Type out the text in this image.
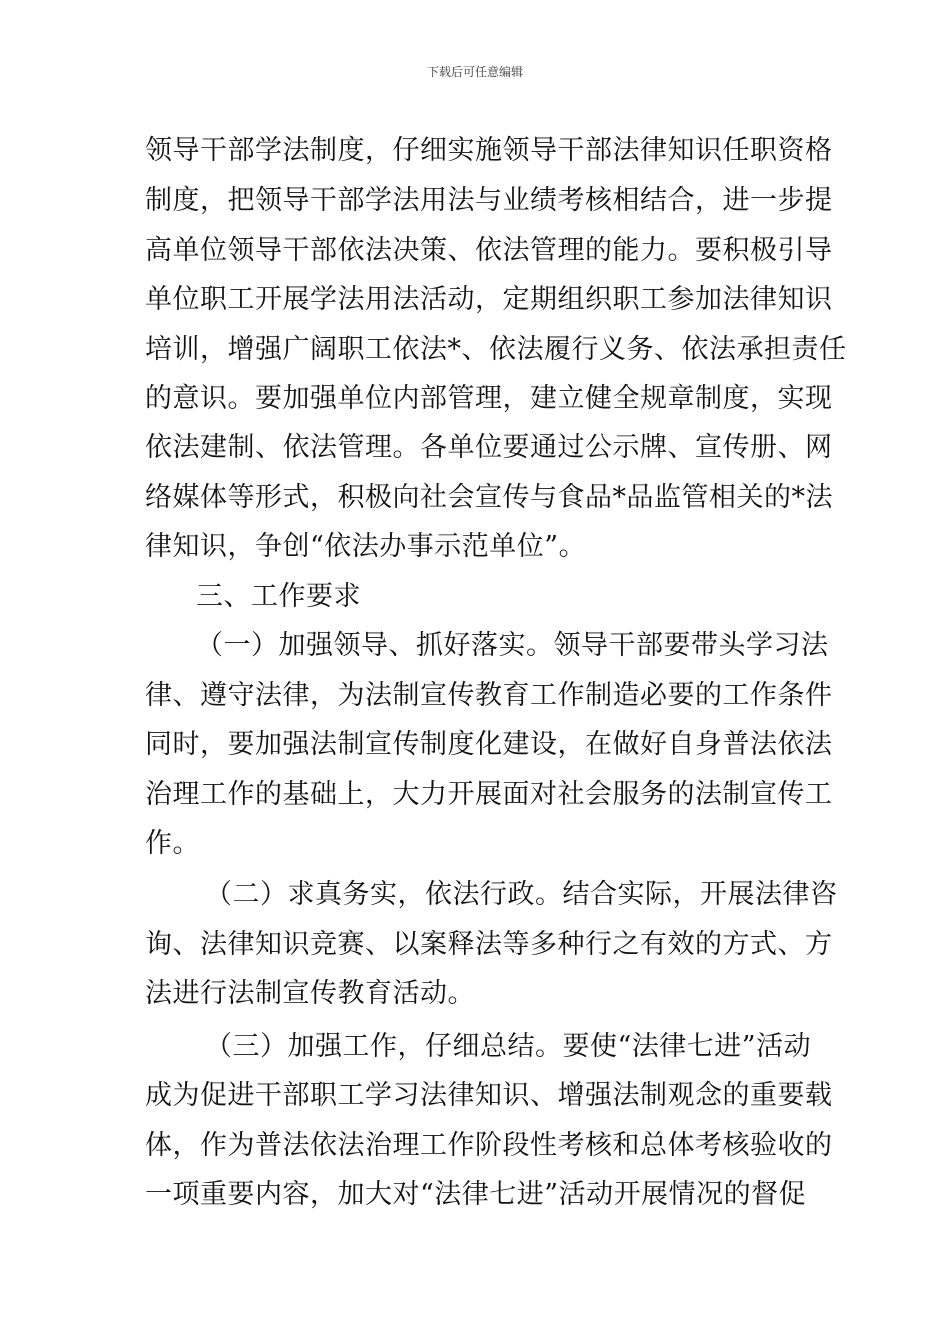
下载后可任意编辑
领导干部学法制度，仔细实施领导干部法律知识任职资格
制度，把领导干部学法用法与业绩考核相结合，进一步提
高单位领导干部依法决策、依法管理的能力。要积极引导
单位职工开展学法用法活动，定期组织职工参加法律知识
培训，增强广阔职工依法*、依法履行义务、依法承担责任
的意识。要加强单位内部管理，建立健全规章制度，实现
依法建制、依法管理。各单位要通过公示牌、宣传册、网
络媒体等形式，积极向社会宣传与食品*品监管相关的*法
律知识，争创“依法办事示范单位”。
三、工作要求
（一）加强领导、抓好落实。领导干部要带头学习法
律、遵守法律，为法制宣传教育工作制造必要的工作条件
同时，要加强法制宣传制度化建设，在做好自身普法依法
治理工作的基础上，大力开展面对社会服务的法制宣传工
作。
（二）求真务实，依法行政。结合实际，开展法律咨
询、法律知识竞赛、以案释法等多种行之有效的方式、方
法进行法制宣传教育活动。
（三）加强工作，仔细总结。要使“法律七进”活动
成为促进干部职工学习法律知识、增强法制观念的重要载
体，作为普法依法治理工作阶段性考核和总体考核验收的
一项重要内容，加大对“法律七进”活动开展情况的督促
